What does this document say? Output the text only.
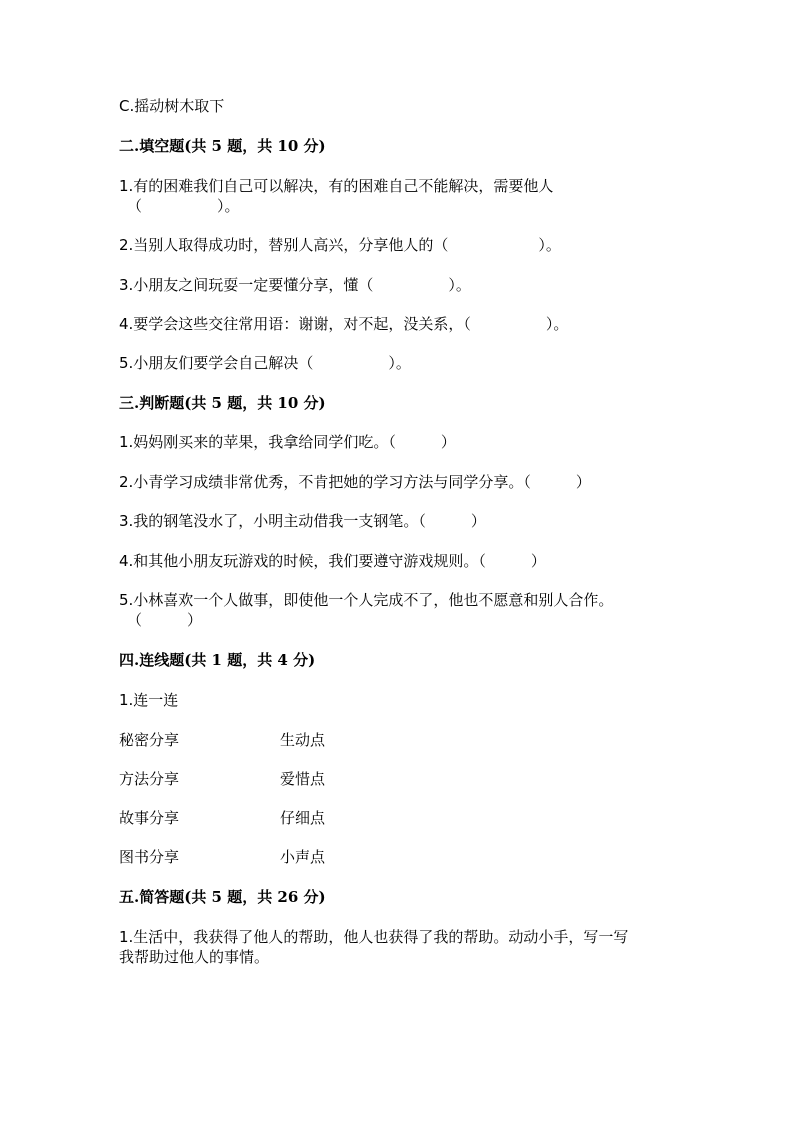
C.摇动树木取下
二.填空题(共 5 题，共 10 分)
1.有的困难我们自己可以解决，有的困难自己不能解决，需要他人
（　　　　　）。
2.当别人取得成功时，替别人高兴，分享他人的（　　　　　　）。
3.小朋友之间玩耍一定要懂分享，懂（　　　　　）。
4.要学会这些交往常用语：谢谢，对不起，没关系，（　　　　　）。
5.小朋友们要学会自己解决（　　　　　）。
三.判断题(共 5 题，共 10 分)
1.妈妈刚买来的苹果，我拿给同学们吃。（　　　）
2.小青学习成绩非常优秀，不肯把她的学习方法与同学分享。（　　　）
3.我的钢笔没水了，小明主动借我一支钢笔。（　　　）
4.和其他小朋友玩游戏的时候，我们要遵守游戏规则。（　　　）
5.小林喜欢一个人做事，即使他一个人完成不了，他也不愿意和别人合作。
（　　　）
四.连线题(共 1 题，共 4 分)
1.连一连
秘密分享	生动点
方法分享	爱惜点
故事分享	仔细点
图书分享	小声点
五.简答题(共 5 题，共 26 分)
1.生活中，我获得了他人的帮助，他人也获得了我的帮助。动动小手，写一写
我帮助过他人的事情。
